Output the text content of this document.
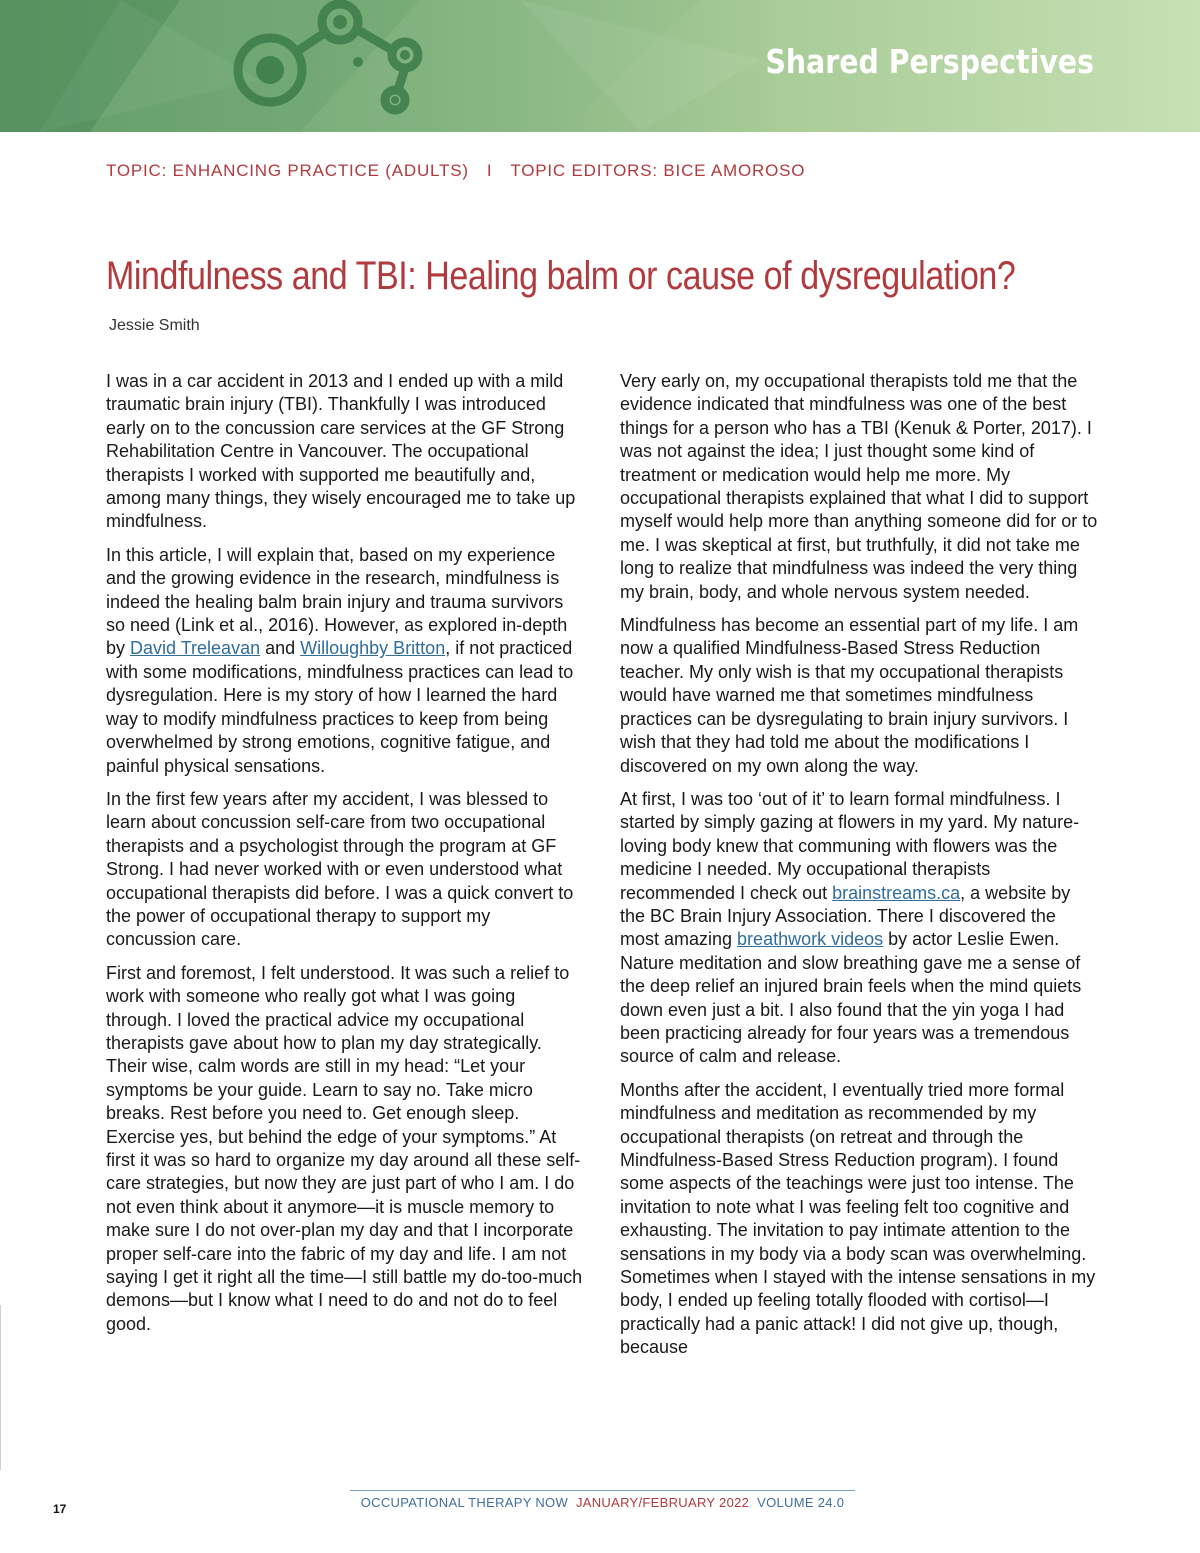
Shared Perspectives
TOPIC: ENHANCING PRACTICE (ADULTS) I TOPIC EDITORS: BICE AMOROSO
Mindfulness and TBI: Healing balm or cause of dysregulation?
Jessie Smith

I was in a car accident in 2013 and I ended up with a mild traumatic brain injury (TBI). Thankfully I was introduced early on to the concussion care services at the GF Strong Rehabilitation Centre in Vancouver. The occupational therapists I worked with supported me beautifully and, among many things, they wisely encouraged me to take up mindfulness.

In this article, I will explain that, based on my experience and the growing evidence in the research, mindfulness is indeed the healing balm brain injury and trauma survivors so need (Link et al., 2016). However, as explored in-depth by David Treleavan and Willoughby Britton, if not practiced with some modifications, mindfulness practices can lead to dysregulation. Here is my story of how I learned the hard way to modify mindfulness practices to keep from being overwhelmed by strong emotions, cognitive fatigue, and painful physical sensations.

In the first few years after my accident, I was blessed to learn about concussion self-care from two occupational therapists and a psychologist through the program at GF Strong. I had never worked with or even understood what occupational therapists did before. I was a quick convert to the power of occupational therapy to support my concussion care.

First and foremost, I felt understood. It was such a relief to work with someone who really got what I was going through. I loved the practical advice my occupational therapists gave about how to plan my day strategically. Their wise, calm words are still in my head: “Let your symptoms be your guide. Learn to say no. Take micro breaks. Rest before you need to. Get enough sleep. Exercise yes, but behind the edge of your symptoms.” At first it was so hard to organize my day around all these self-care strategies, but now they are just part of who I am. I do not even think about it anymore—it is muscle memory to make sure I do not over-plan my day and that I incorporate proper self-care into the fabric of my day and life. I am not saying I get it right all the time—I still battle my do-too-much demons—but I know what I need to do and not do to feel good.

Very early on, my occupational therapists told me that the evidence indicated that mindfulness was one of the best things for a person who has a TBI (Kenuk & Porter, 2017). I was not against the idea; I just thought some kind of treatment or medication would help me more. My occupational therapists explained that what I did to support myself would help more than anything someone did for or to me. I was skeptical at first, but truthfully, it did not take me long to realize that mindfulness was indeed the very thing my brain, body, and whole nervous system needed.

Mindfulness has become an essential part of my life. I am now a qualified Mindfulness-Based Stress Reduction teacher. My only wish is that my occupational therapists would have warned me that sometimes mindfulness practices can be dysregulating to brain injury survivors. I wish that they had told me about the modifications I discovered on my own along the way.

At first, I was too ‘out of it’ to learn formal mindfulness. I started by simply gazing at flowers in my yard. My nature-loving body knew that communing with flowers was the medicine I needed. My occupational therapists recommended I check out brainstreams.ca, a website by the BC Brain Injury Association. There I discovered the most amazing breathwork videos by actor Leslie Ewen. Nature meditation and slow breathing gave me a sense of the deep relief an injured brain feels when the mind quiets down even just a bit. I also found that the yin yoga I had been practicing already for four years was a tremendous source of calm and release.

Months after the accident, I eventually tried more formal mindfulness and meditation as recommended by my occupational therapists (on retreat and through the Mindfulness-Based Stress Reduction program). I found some aspects of the teachings were just too intense. The invitation to note what I was feeling felt too cognitive and exhausting. The invitation to pay intimate attention to the sensations in my body via a body scan was overwhelming. Sometimes when I stayed with the intense sensations in my body, I ended up feeling totally flooded with cortisol—I practically had a panic attack! I did not give up, though, because

17	OCCUPATIONAL THERAPY NOW JANUARY/FEBRUARY 2022 VOLUME 24.0
